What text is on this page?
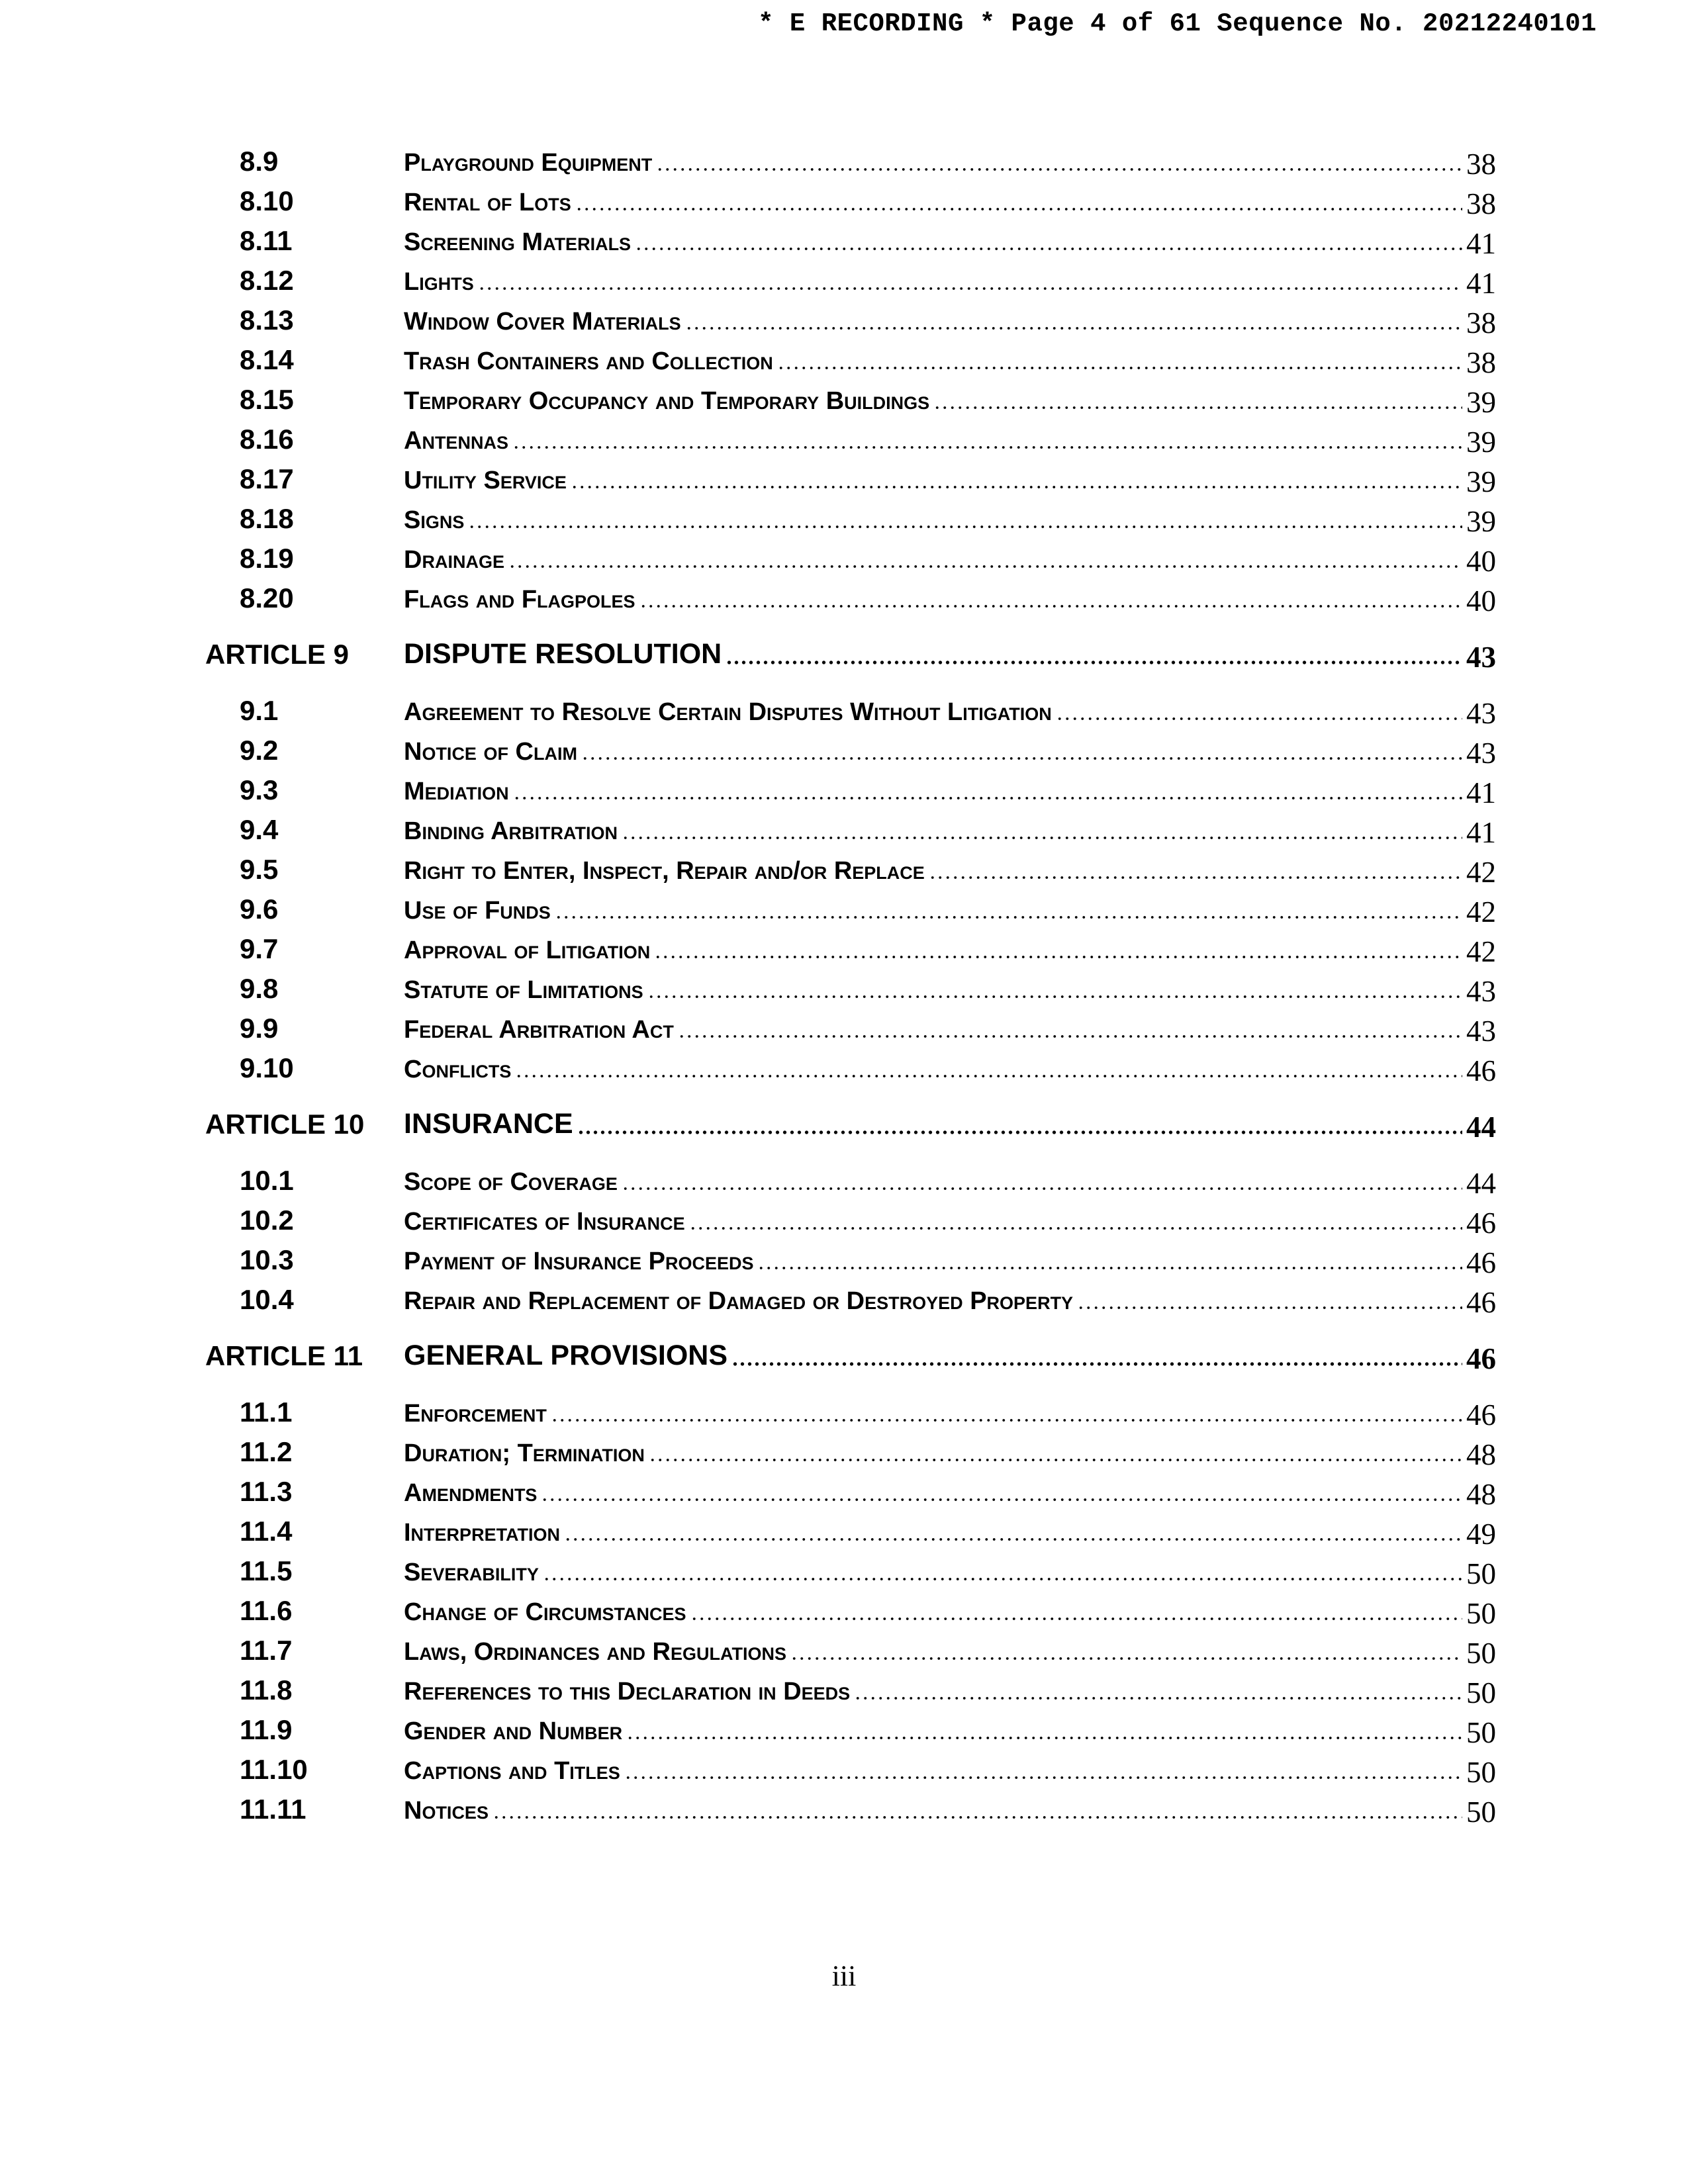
* E RECORDING * Page 4 of 61 Sequence No. 20212240101
8.9	Playground Equipment	38
8.10	Rental of Lots	38
8.11	Screening Materials	41
8.12	Lights	41
8.13	Window Cover Materials	38
8.14	Trash Containers and Collection	38
8.15	Temporary Occupancy and Temporary Buildings	39
8.16	Antennas	39
8.17	Utility Service	39
8.18	Signs	39
8.19	Drainage	40
8.20	Flags and Flagpoles	40
ARTICLE 9	DISPUTE RESOLUTION	43
9.1	Agreement to Resolve Certain Disputes Without Litigation	43
9.2	Notice of Claim	43
9.3	Mediation	41
9.4	Binding Arbitration	41
9.5	Right to Enter, Inspect, Repair and/or Replace	42
9.6	Use of Funds	42
9.7	Approval of Litigation	42
9.8	Statute of Limitations	43
9.9	Federal Arbitration Act	43
9.10	Conflicts	46
ARTICLE 10	INSURANCE	44
10.1	Scope of Coverage	44
10.2	Certificates of Insurance	46
10.3	Payment of Insurance Proceeds	46
10.4	Repair and Replacement of Damaged or Destroyed Property	46
ARTICLE 11	GENERAL PROVISIONS	46
11.1	Enforcement	46
11.2	Duration; Termination	48
11.3	Amendments	48
11.4	Interpretation	49
11.5	Severability	50
11.6	Change of Circumstances	50
11.7	Laws, Ordinances and Regulations	50
11.8	References to this Declaration in Deeds	50
11.9	Gender and Number	50
11.10	Captions and Titles	50
11.11	Notices	50
iii
